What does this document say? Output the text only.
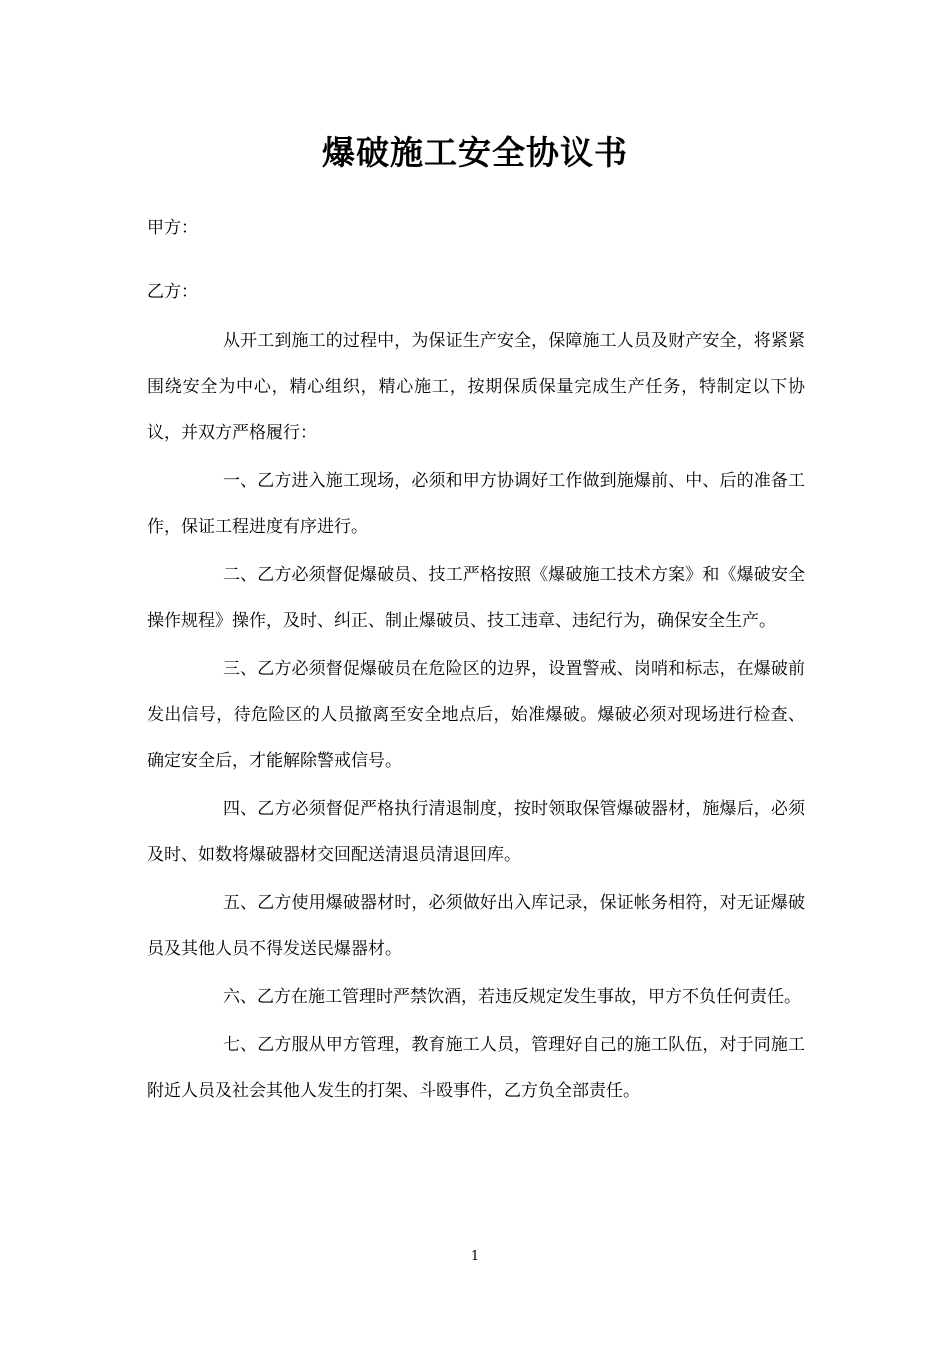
爆破施工安全协议书
甲方：
乙方：

从开工到施工的过程中，为保证生产安全，保障施工人员及财产安全，将紧紧围绕安全为中心，精心组织，精心施工，按期保质保量完成生产任务，特制定以下协议，并双方严格履行：

一、乙方进入施工现场，必须和甲方协调好工作做到施爆前、中、后的准备工作，保证工程进度有序进行。

二、乙方必须督促爆破员、技工严格按照《爆破施工技术方案》和《爆破安全操作规程》操作，及时、纠正、制止爆破员、技工违章、违纪行为，确保安全生产。

三、乙方必须督促爆破员在危险区的边界，设置警戒、岗哨和标志，在爆破前发出信号，待危险区的人员撤离至安全地点后，始准爆破。爆破必须对现场进行检查、确定安全后，才能解除警戒信号。

四、乙方必须督促严格执行清退制度，按时领取保管爆破器材，施爆后，必须及时、如数将爆破器材交回配送清退员清退回库。

五、乙方使用爆破器材时，必须做好出入库记录，保证帐务相符，对无证爆破员及其他人员不得发送民爆器材。

六、乙方在施工管理时严禁饮酒，若违反规定发生事故，甲方不负任何责任。

七、乙方服从甲方管理，教育施工人员，管理好自己的施工队伍，对于同施工附近人员及社会其他人发生的打架、斗殴事件，乙方负全部责任。

1
